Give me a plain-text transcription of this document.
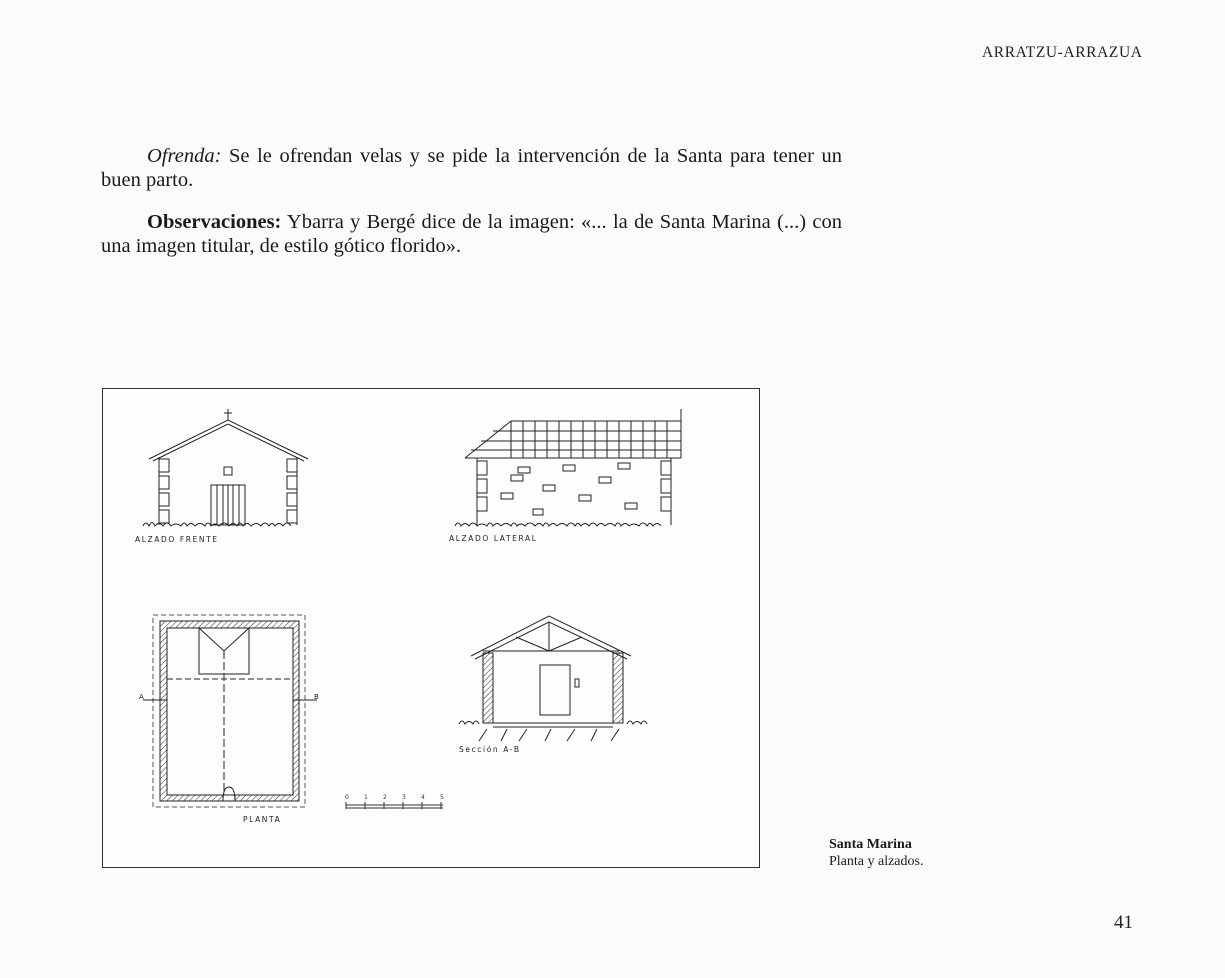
ARRATZU-ARRAZUA

Ofrenda: Se le ofrendan velas y se pide la intervención de la Santa para tener un buen parto.

Observaciones: Ybarra y Bergé dice de la imagen: «... la de Santa Marina (...) con una imagen titular, de estilo gótico florido».

A	B
ALZADO FRENTE	ALZADO LATERAL
PLANTA
Sección A-B
0	1	2	3	4	5
Santa Marina
Planta y alzados.
41
